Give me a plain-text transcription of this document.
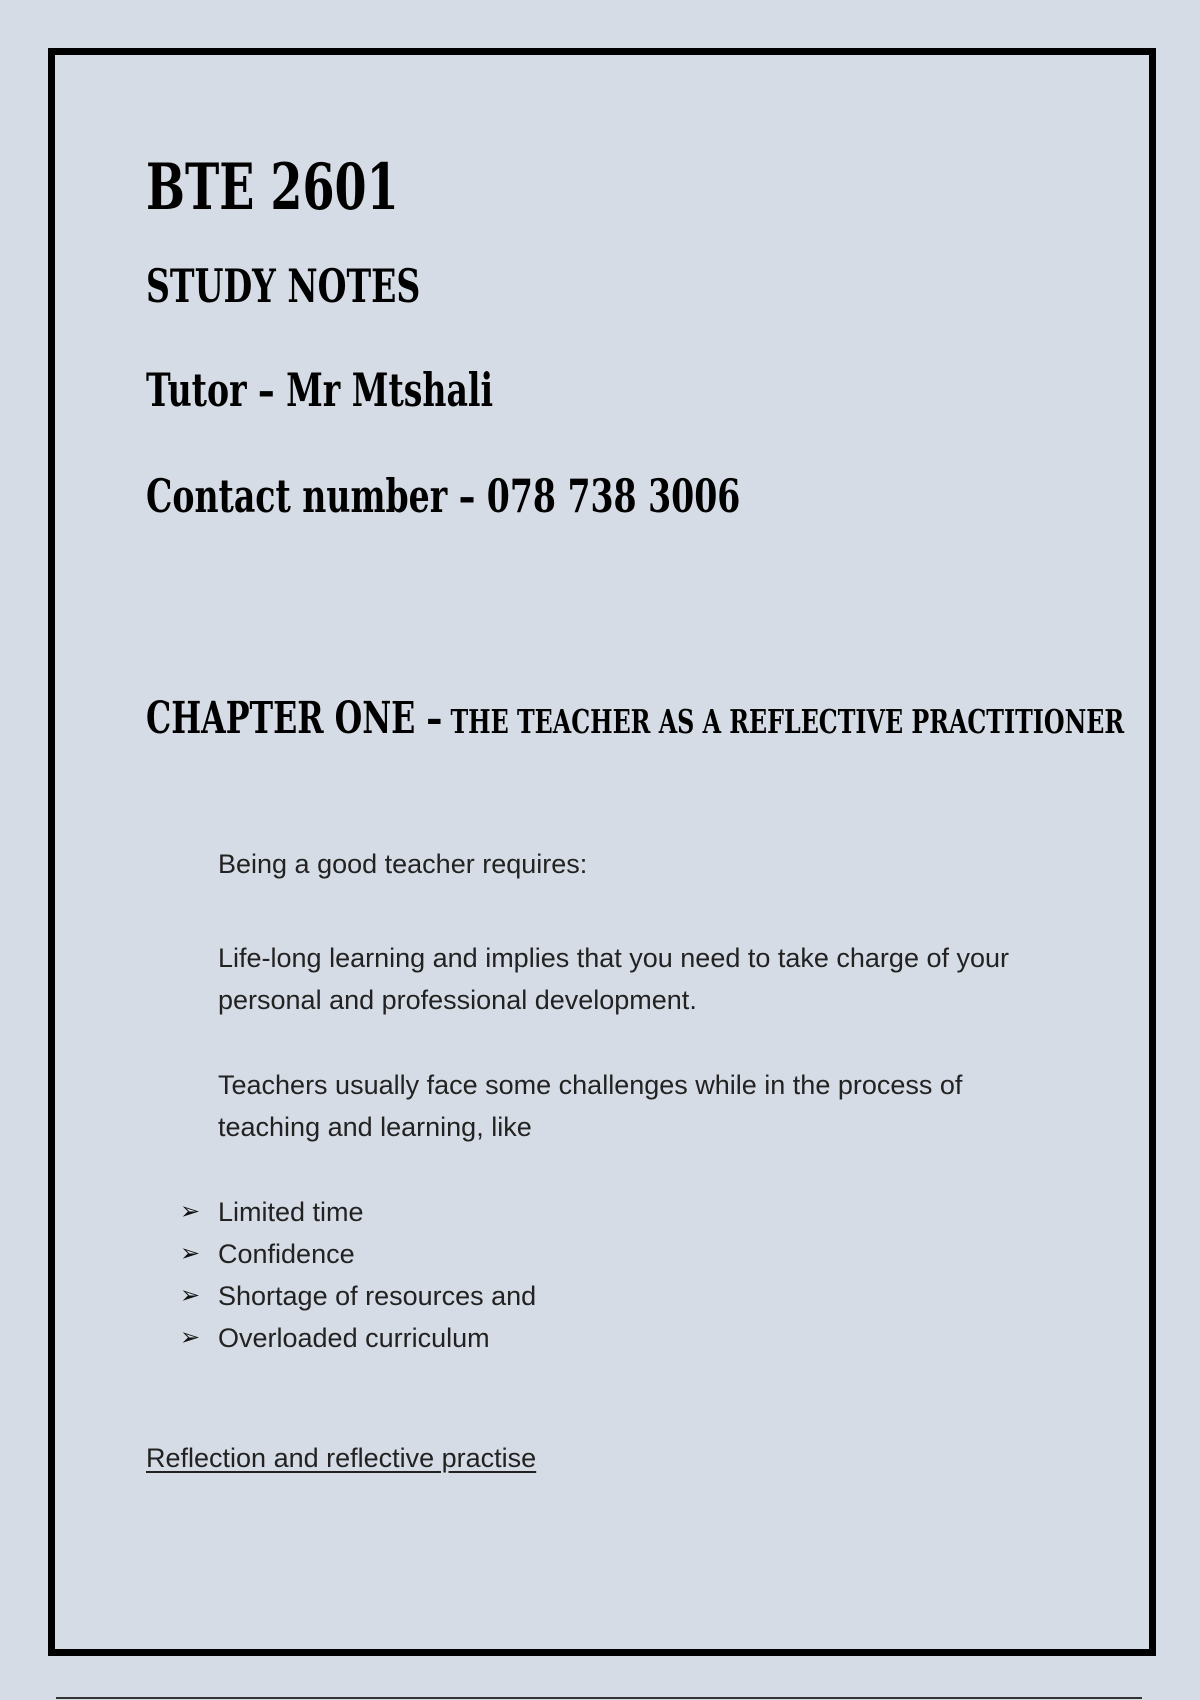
BTE 2601
STUDY NOTES
Tutor – Mr Mtshali
Contact number – 078 738 3006
CHAPTER ONE – THE TEACHER AS A REFLECTIVE PRACTITIONER

Being a good teacher requires:

Life-long learning and implies that you need to take charge of your personal and professional development.

Teachers usually face some challenges while in the process of teaching and learning, like

➢ Limited time
➢ Confidence
➢ Shortage of resources and
➢ Overloaded curriculum

Reflection and reflective practise
